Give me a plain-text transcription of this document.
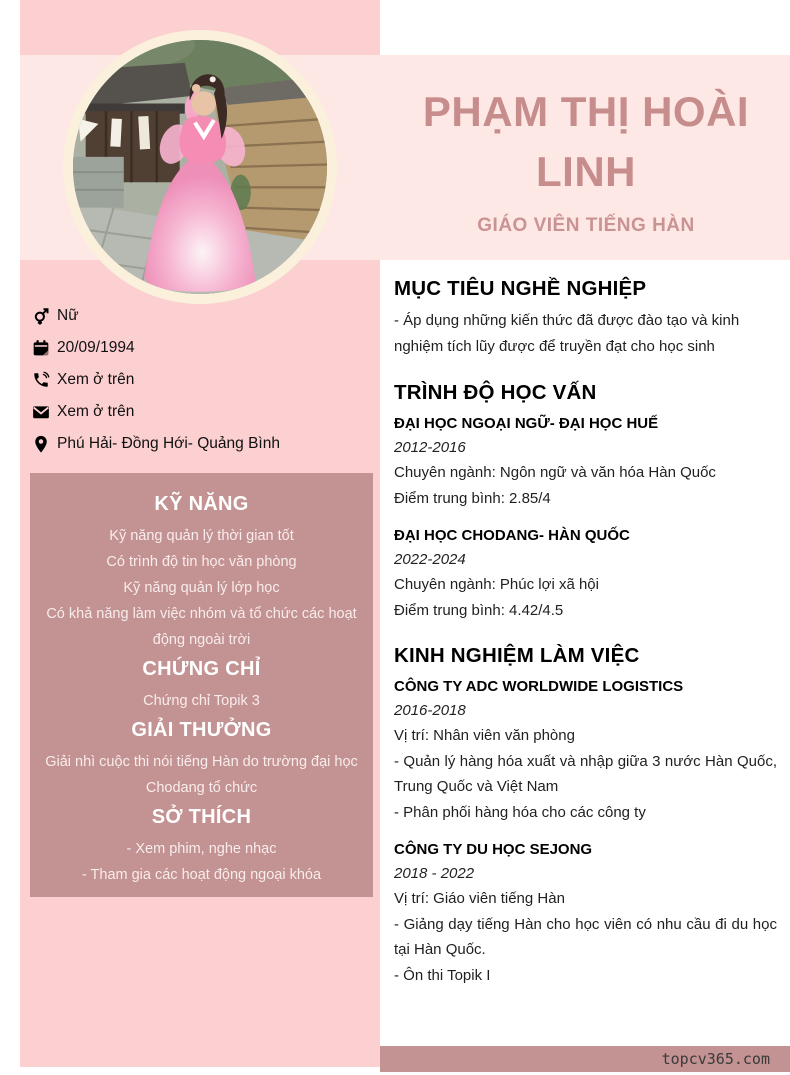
Nữ
20/09/1994
Xem ở trên
Xem ở trên
Phú Hải- Đồng Hới- Quảng Bình
KỸ NĂNG

Kỹ năng quản lý thời gian tốt

Có trình độ tin học văn phòng

Kỹ năng quản lý lớp học

Có khả năng làm việc nhóm và tổ chức các hoạt động ngoài trời

CHỨNG CHỈ

Chứng chỉ Topik 3

GIẢI THƯỞNG

Giải nhì cuộc thi nói tiếng Hàn do trường đại học Chodang tổ chức

SỞ THÍCH

- Xem phim, nghe nhạc

- Tham gia các hoạt động ngoại khóa

PHẠM THỊ HOÀI LINH
GIÁO VIÊN TIẾNG HÀN
MỤC TIÊU NGHỀ NGHIỆP

- Áp dụng những kiến thức đã được đào tạo và kinh nghiệm tích lũy được để truyền đạt cho học sinh

TRÌNH ĐỘ HỌC VẤN
ĐẠI HỌC NGOẠI NGỮ- ĐẠI HỌC HUẾ
2012-2016
Chuyên ngành: Ngôn ngữ và văn hóa Hàn Quốc
Điểm trung bình: 2.85/4
ĐẠI HỌC CHODANG- HÀN QUỐC
2022-2024
Chuyên ngành: Phúc lợi xã hội
Điểm trung bình: 4.42/4.5
KINH NGHIỆM LÀM VIỆC
CÔNG TY ADC WORLDWIDE LOGISTICS
2016-2018
Vị trí: Nhân viên văn phòng
- Quản lý hàng hóa xuất và nhập giữa 3 nước Hàn Quốc, Trung Quốc và Việt Nam
- Phân phối hàng hóa cho các công ty
CÔNG TY DU HỌC SEJONG
2018 - 2022
Vị trí: Giáo viên tiếng Hàn
- Giảng dạy tiếng Hàn cho học viên có nhu cầu đi du học tại Hàn Quốc.
- Ôn thi Topik I
topcv365.com
